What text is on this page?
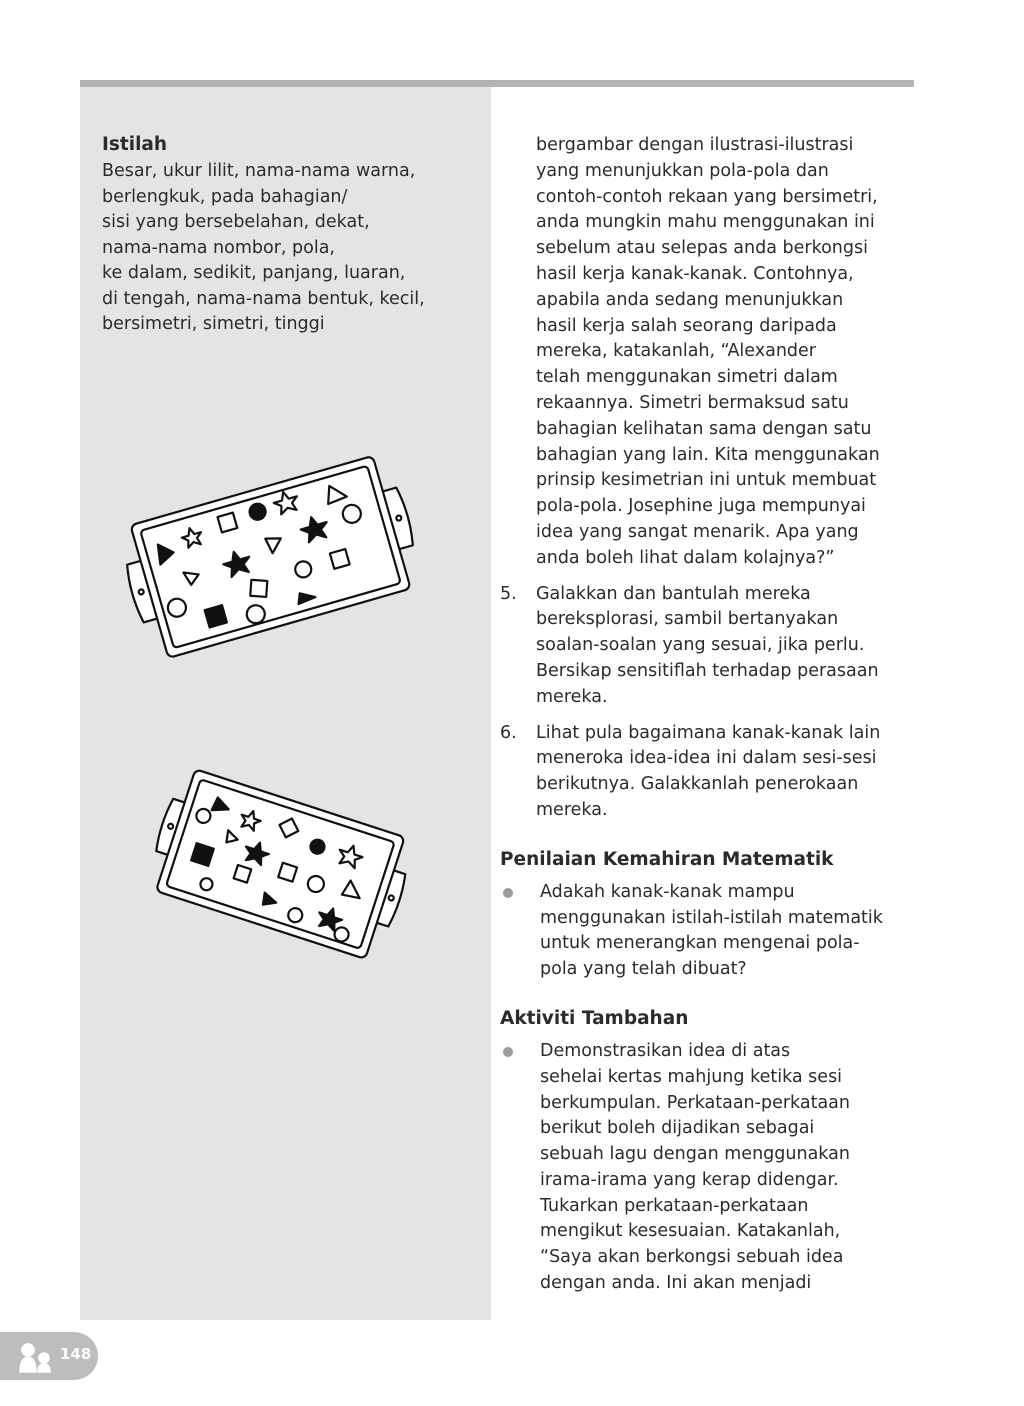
Istilah

Besar, ukur lilit, nama-nama warna,
berlengkuk, pada bahagian/
sisi yang bersebelahan, dekat,
nama-nama nombor, pola,
ke dalam, sedikit, panjang, luaran,
di tengah, nama-nama bentuk, kecil,
bersimetri, simetri, tinggi

bergambar dengan ilustrasi-ilustrasi
yang menunjukkan pola-pola dan
contoh-contoh rekaan yang bersimetri,
anda mungkin mahu menggunakan ini
sebelum atau selepas anda berkongsi
hasil kerja kanak-kanak. Contohnya,
apabila anda sedang menunjukkan
hasil kerja salah seorang daripada
mereka, katakanlah, “Alexander
telah menggunakan simetri dalam
rekaannya. Simetri bermaksud satu
bahagian kelihatan sama dengan satu
bahagian yang lain. Kita menggunakan
prinsip kesimetrian ini untuk membuat
pola-pola. Josephine juga mempunyai
idea yang sangat menarik. Apa yang
anda boleh lihat dalam kolajnya?”

5.	Galakkan dan bantulah mereka
bereksplorasi, sambil bertanyakan
soalan-soalan yang sesuai, jika perlu.
Bersikap sensitiflah terhadap perasaan
mereka.
6.	Lihat pula bagaimana kanak-kanak lain
meneroka idea-idea ini dalam sesi-sesi
berikutnya. Galakkanlah penerokaan
mereka.
Penilaian Kemahiran Matematik
Adakah kanak-kanak mampu
menggunakan istilah-istilah matematik
untuk menerangkan mengenai pola-
pola yang telah dibuat?
Aktiviti Tambahan
Demonstrasikan idea di atas
sehelai kertas mahjung ketika sesi
berkumpulan. Perkataan-perkataan
berikut boleh dijadikan sebagai
sebuah lagu dengan menggunakan
irama-irama yang kerap didengar.
Tukarkan perkataan-perkataan
mengikut kesesuaian. Katakanlah,
“Saya akan berkongsi sebuah idea
dengan anda. Ini akan menjadi
148
